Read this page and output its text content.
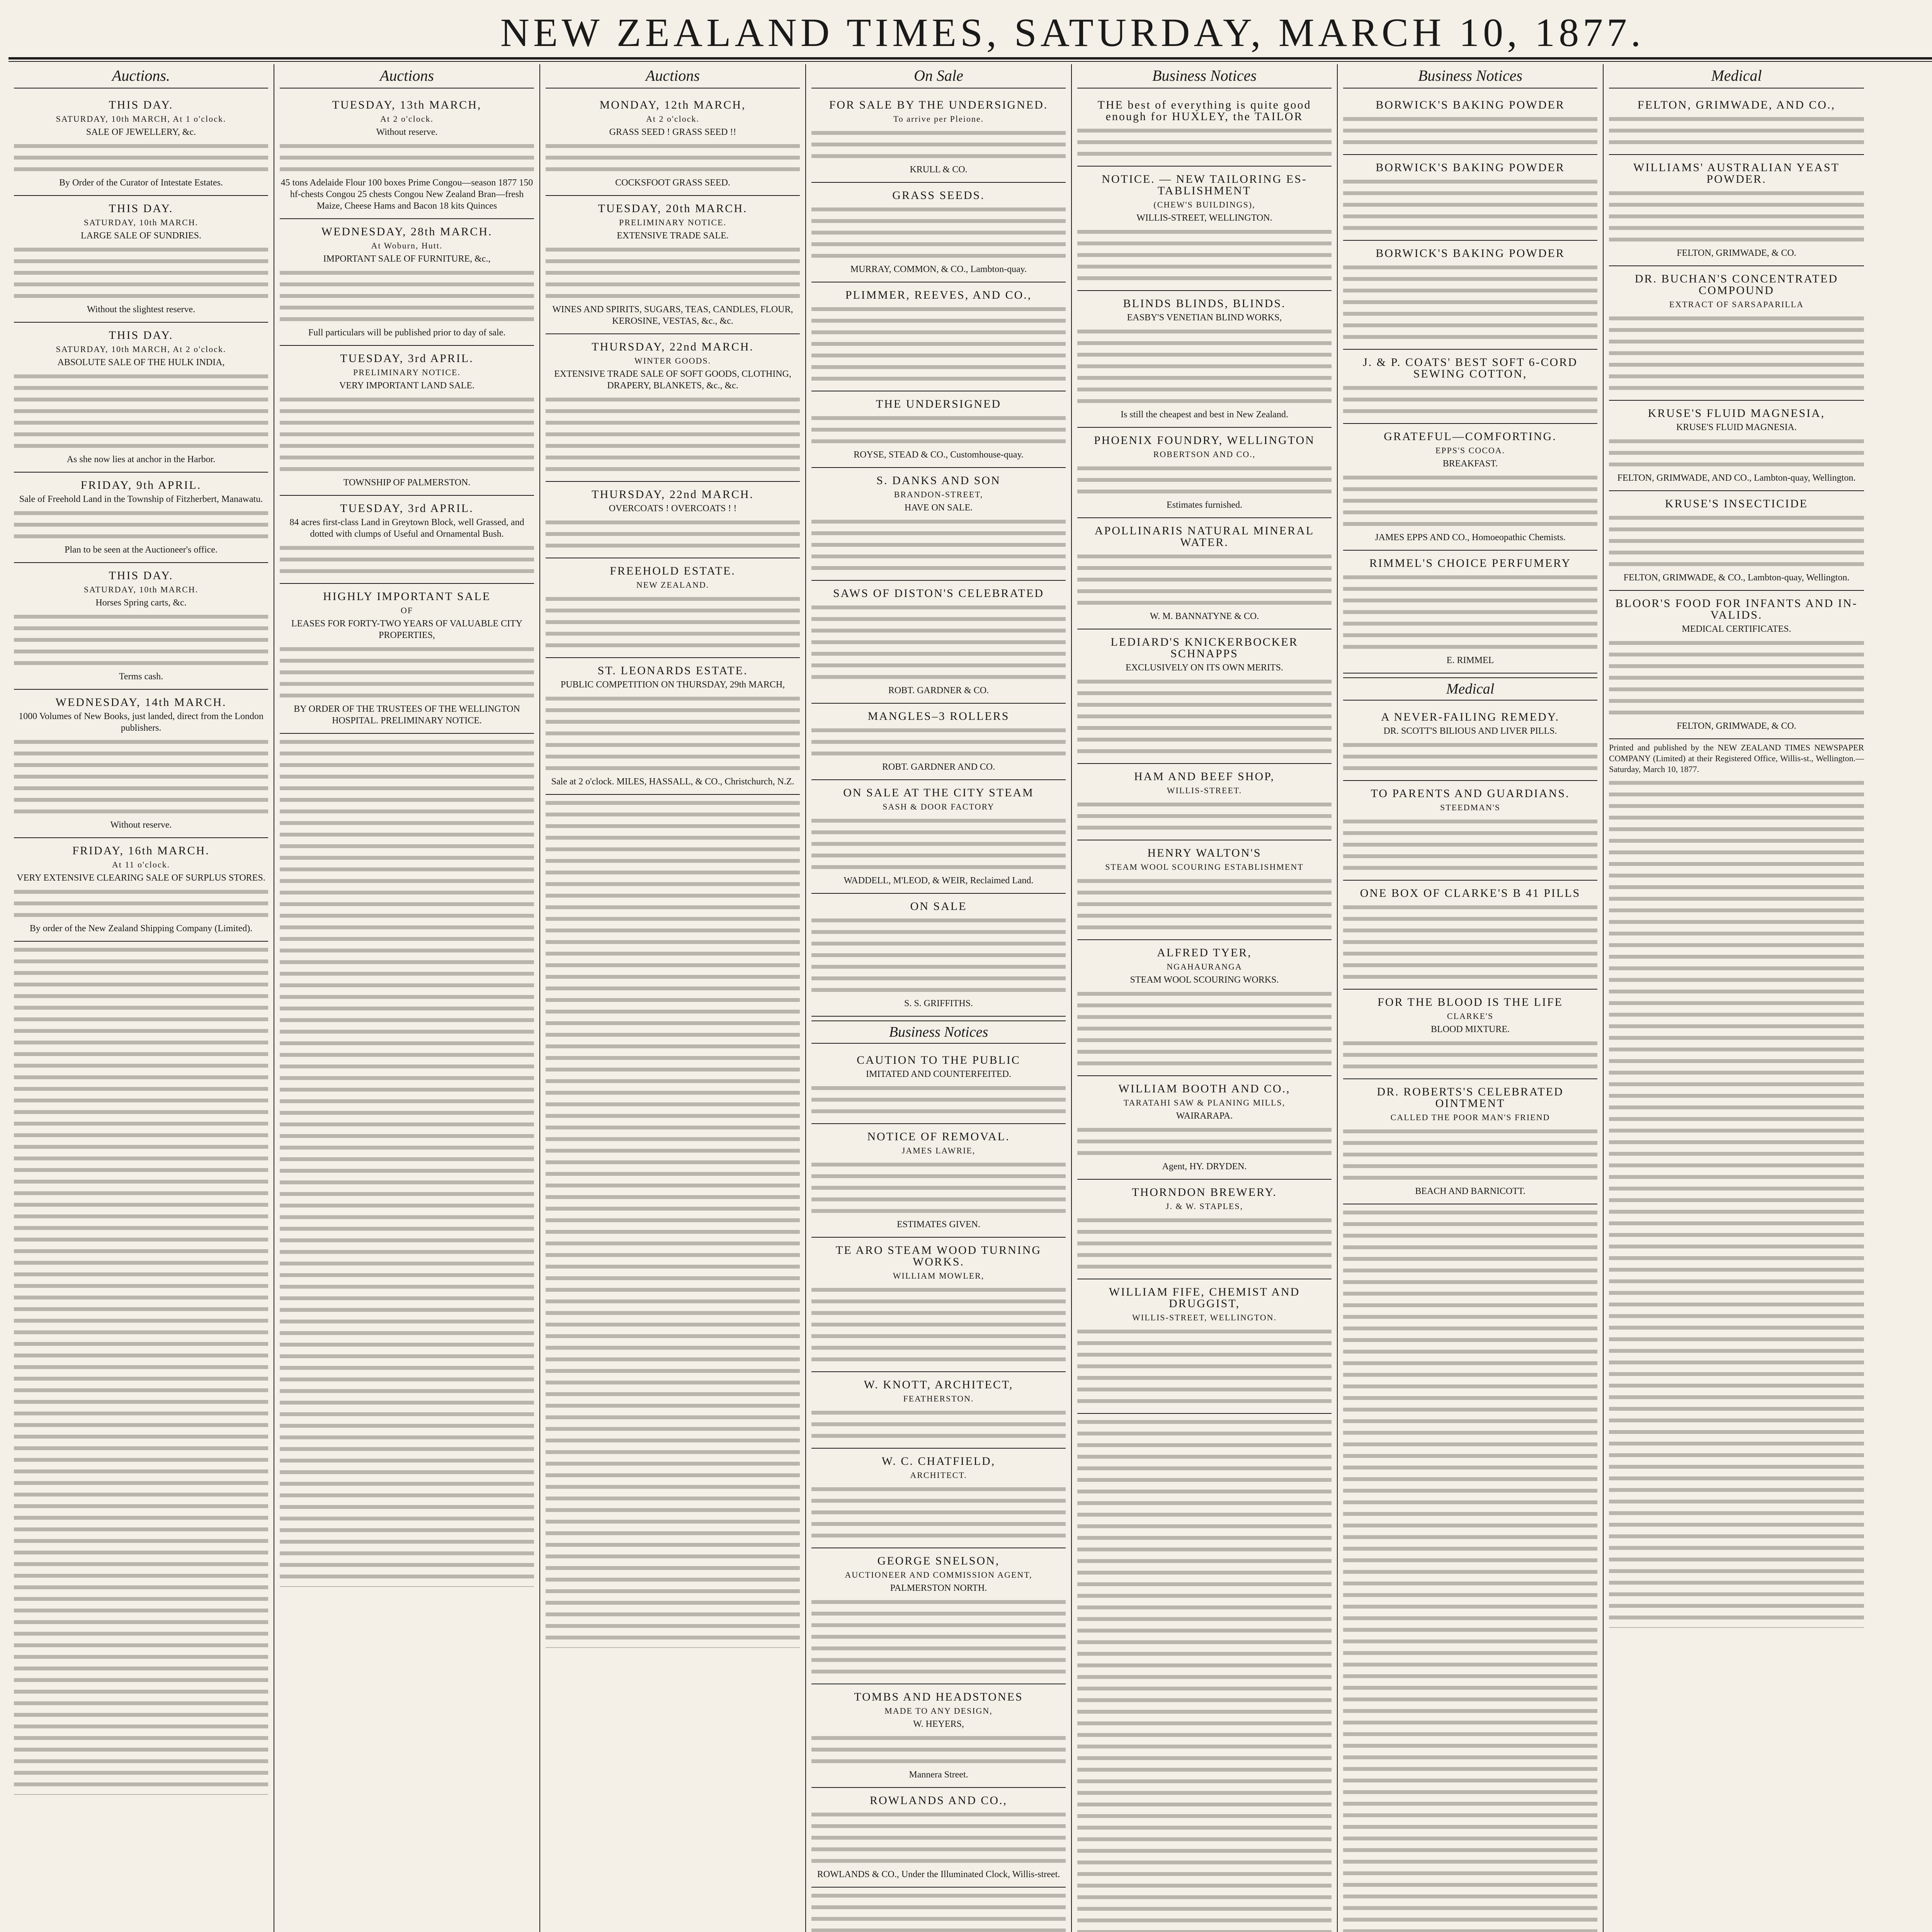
NEW ZEALAND TIMES, SATURDAY, MARCH 10, 1877.
Auctions.
THIS DAY.
SATURDAY, 10th MARCH, At 1 o'clock.
SALE OF JEWELLERY, &c.
By Order of the Curator of Intestate Estates.
THIS DAY.
SATURDAY, 10th MARCH.
LARGE SALE OF SUNDRIES.
Without the slightest reserve.
THIS DAY.
SATURDAY, 10th MARCH, At 2 o'clock.
ABSOLUTE SALE OF THE HULK INDIA,
As she now lies at anchor in the Harbor.
FRIDAY, 9th APRIL.
Sale of Freehold Land in the Township of Fitzherbert, Manawatu.
Plan to be seen at the Auctioneer's office.
THIS DAY.
SATURDAY, 10th MARCH.
Horses Spring carts, &c.
Terms cash.
WEDNESDAY, 14th MARCH.
1000 Volumes of New Books, just landed, direct from the London publishers.
Without reserve.
FRIDAY, 16th MARCH.
At 11 o'clock.
VERY EXTENSIVE CLEARING SALE OF SURPLUS STORES.
By order of the New Zealand Shipping Company (Limited).
Auctions
TUESDAY, 13th MARCH,
At 2 o'clock.
Without reserve.
45 tons Adelaide Flour 100 boxes Prime Congou—season 1877 150 hf-chests Congou 25 chests Congou New Zealand Bran—fresh Maize, Cheese Hams and Bacon 18 kits Quinces
WEDNESDAY, 28th MARCH.
At Woburn, Hutt.
IMPORTANT SALE OF FURNITURE, &c.,
Full particulars will be published prior to day of sale.
TUESDAY, 3rd APRIL.
PRELIMINARY NOTICE.
VERY IMPORTANT LAND SALE.
TOWNSHIP OF PALMERSTON.
TUESDAY, 3rd APRIL.
84 acres first-class Land in Greytown Block, well Grassed, and dotted with clumps of Useful and Ornamental Bush.
HIGHLY IMPORTANT SALE
OF
LEASES FOR FORTY-TWO YEARS OF VALUABLE CITY PROPERTIES,
BY ORDER OF THE TRUSTEES OF THE WELLINGTON HOSPITAL. PRELIMINARY NOTICE.
Auctions
MONDAY, 12th MARCH,
At 2 o'clock.
GRASS SEED ! GRASS SEED !!
COCKSFOOT GRASS SEED.
TUESDAY, 20th MARCH.
PRELIMINARY NOTICE.
EXTENSIVE TRADE SALE.
WINES AND SPIRITS, SUGARS, TEAS, CANDLES, FLOUR, KEROSINE, VESTAS, &c., &c.
THURSDAY, 22nd MARCH.
WINTER GOODS.
EXTENSIVE TRADE SALE OF SOFT GOODS, CLOTHING, DRAPERY, BLANKETS, &c., &c.
THURSDAY, 22nd MARCH.
OVERCOATS ! OVERCOATS ! !
FREEHOLD ESTATE.
NEW ZEALAND.
ST. LEONARDS ESTATE.
PUBLIC COMPETITION ON THURSDAY, 29th MARCH,
Sale at 2 o'clock. MILES, HASSALL, & CO., Christchurch, N.Z.
On Sale
FOR SALE BY THE UNDERSIGNED.
To arrive per Pleione.
KRULL & CO.
GRASS SEEDS.
MURRAY, COMMON, & CO., Lambton-quay.
PLIMMER, REEVES, AND CO.,
THE UNDERSIGNED
ROYSE, STEAD & CO., Customhouse-quay.
S. DANKS AND SON
BRANDON-STREET,
HAVE ON SALE.
SAWS OF DISTON'S CELEBRATED
ROBT. GARDNER & CO.
MANGLES–3 ROLLERS
ROBT. GARDNER AND CO.
ON SALE AT THE CITY STEAM
SASH & DOOR FACTORY
WADDELL, M'LEOD, & WEIR, Reclaimed Land.
ON SALE
S. S. GRIFFITHS.
Business Notices
CAUTION TO THE PUBLIC
IMITATED AND COUNTERFEITED.
NOTICE OF REMOVAL.
JAMES LAWRIE,
ESTIMATES GIVEN.
TE ARO STEAM WOOD TURNING WORKS.
WILLIAM MOWLER,
W. KNOTT, ARCHITECT,
FEATHERSTON.
W. C. CHATFIELD,
ARCHITECT.
GEORGE SNELSON,
AUCTIONEER AND COMMISSION AGENT,
PALMERSTON NORTH.
TOMBS AND HEADSTONES
MADE TO ANY DESIGN,
W. HEYERS,
Mannera Street.
ROWLANDS AND CO.,
ROWLANDS & CO., Under the Illuminated Clock, Willis-street.
Business Notices
THE best of everything is quite good enough for HUXLEY, the TAILOR
NOTICE. — NEW TAILORING ES-TABLISHMENT
(CHEW'S BUILDINGS),
WILLIS-STREET, WELLINGTON.
BLINDS BLINDS, BLINDS.
EASBY'S VENETIAN BLIND WORKS,
Is still the cheapest and best in New Zealand.
PHOENIX FOUNDRY, WELLINGTON
ROBERTSON AND CO.,
Estimates furnished.
APOLLINARIS NATURAL MINERAL WATER.
W. M. BANNATYNE & CO.
LEDIARD'S KNICKERBOCKER SCHNAPPS
EXCLUSIVELY ON ITS OWN MERITS.
HAM AND BEEF SHOP,
WILLIS-STREET.
HENRY WALTON'S
STEAM WOOL SCOURING ESTABLISHMENT
ALFRED TYER,
NGAHAURANGA
STEAM WOOL SCOURING WORKS.
WILLIAM BOOTH AND CO.,
TARATAHI SAW & PLANING MILLS,
WAIRARAPA.
Agent, HY. DRYDEN.
THORNDON BREWERY.
J. & W. STAPLES,
WILLIAM FIFE, CHEMIST AND DRUGGIST,
WILLIS-STREET, WELLINGTON.
Business Notices
BORWICK'S BAKING POWDER
BORWICK'S BAKING POWDER
BORWICK'S BAKING POWDER
J. & P. COATS' BEST SOFT 6-CORD SEWING COTTON,
GRATEFUL—COMFORTING.
EPPS'S COCOA.
BREAKFAST.
JAMES EPPS AND CO., Homoeopathic Chemists.
RIMMEL'S CHOICE PERFUMERY
E. RIMMEL
Medical
A NEVER-FAILING REMEDY.
DR. SCOTT'S BILIOUS AND LIVER PILLS.
TO PARENTS AND GUARDIANS.
STEEDMAN'S
ONE BOX OF CLARKE'S B 41 PILLS
FOR THE BLOOD IS THE LIFE
CLARKE'S
BLOOD MIXTURE.
DR. ROBERTS'S CELEBRATED OINTMENT
CALLED THE POOR MAN'S FRIEND
BEACH AND BARNICOTT.
Medical
FELTON, GRIMWADE, AND CO.,
WILLIAMS' AUSTRALIAN YEAST POWDER.
FELTON, GRIMWADE, & CO.
DR. BUCHAN'S CONCENTRATED COMPOUND
EXTRACT OF SARSAPARILLA
KRUSE'S FLUID MAGNESIA,
KRUSE'S FLUID MAGNESIA.
FELTON, GRIMWADE, AND CO., Lambton-quay, Wellington.
KRUSE'S INSECTICIDE
FELTON, GRIMWADE, & CO., Lambton-quay, Wellington.
BLOOR'S FOOD FOR INFANTS AND IN-VALIDS.
MEDICAL CERTIFICATES.
FELTON, GRIMWADE, & CO.
Printed and published by the NEW ZEALAND TIMES NEWSPAPER COMPANY (Limited) at their Registered Office, Willis-st., Wellington.—Saturday, March 10, 1877.
